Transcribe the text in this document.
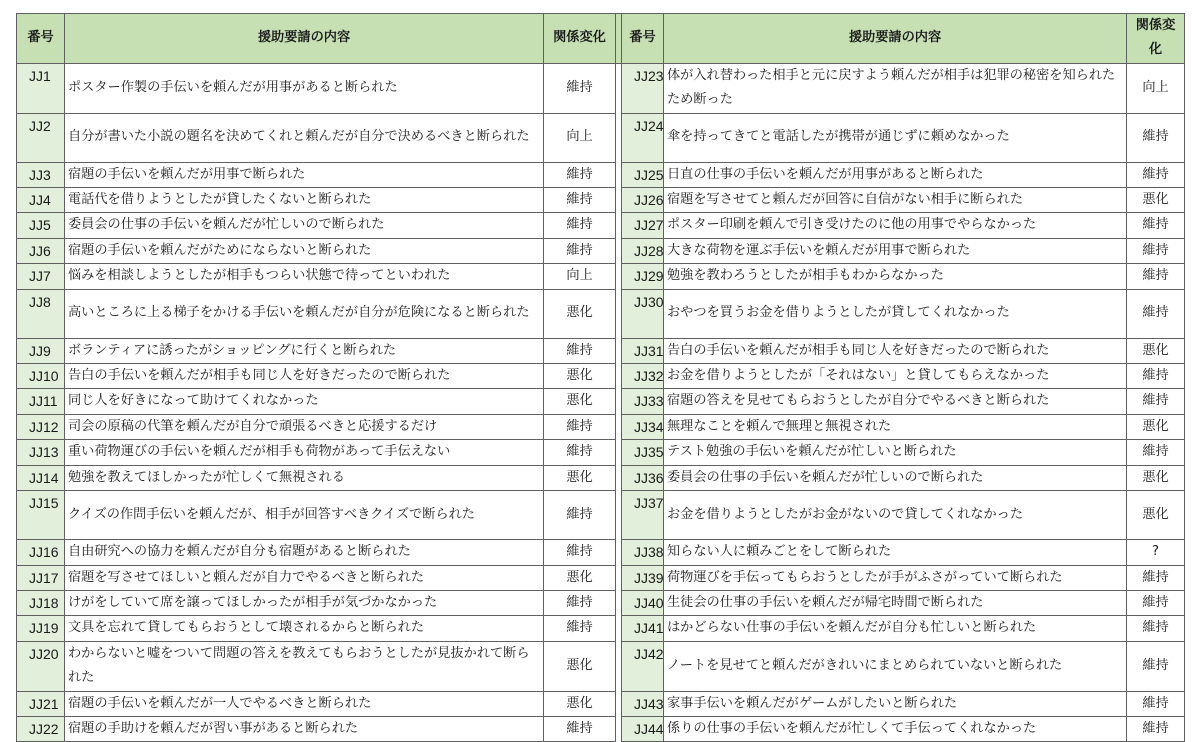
番号	援助要請の内容	関係変化		番号	援助要請の内容	関係変化
JJ1	ポスター作製の手伝いを頼んだが用事があると断られた	維持		JJ23	体が入れ替わった相手と元に戻すよう頼んだが相手は犯罪の秘密を知られたため断った	向上
JJ2	自分が書いた小説の題名を決めてくれと頼んだが自分で決めるべきと断られた	向上		JJ24	傘を持ってきてと電話したが携帯が通じずに頼めなかった	維持
JJ3	宿題の手伝いを頼んだが用事で断られた	維持		JJ25	日直の仕事の手伝いを頼んだが用事があると断られた	維持
JJ4	電話代を借りようとしたが貸したくないと断られた	維持		JJ26	宿題を写させてと頼んだが回答に自信がない相手に断られた	悪化
JJ5	委員会の仕事の手伝いを頼んだが忙しいので断られた	維持		JJ27	ポスター印刷を頼んで引き受けたのに他の用事でやらなかった	維持
JJ6	宿題の手伝いを頼んだがためにならないと断られた	維持		JJ28	大きな荷物を運ぶ手伝いを頼んだが用事で断られた	維持
JJ7	悩みを相談しようとしたが相手もつらい状態で待ってといわれた	向上		JJ29	勉強を教わろうとしたが相手もわからなかった	維持
JJ8	高いところに上る梯子をかける手伝いを頼んだが自分が危険になると断られた	悪化		JJ30	おやつを買うお金を借りようとしたが貸してくれなかった	維持
JJ9	ボランティアに誘ったがショッピングに行くと断られた	維持		JJ31	告白の手伝いを頼んだが相手も同じ人を好きだったので断られた	悪化
JJ10	告白の手伝いを頼んだが相手も同じ人を好きだったので断られた	悪化		JJ32	お金を借りようとしたが「それはない」と貸してもらえなかった	維持
JJ11	同じ人を好きになって助けてくれなかった	悪化		JJ33	宿題の答えを見せてもらおうとしたが自分でやるべきと断られた	維持
JJ12	司会の原稿の代筆を頼んだが自分で頑張るべきと応援するだけ	維持		JJ34	無理なことを頼んで無理と無視された	悪化
JJ13	重い荷物運びの手伝いを頼んだが相手も荷物があって手伝えない	維持		JJ35	テスト勉強の手伝いを頼んだが忙しいと断られた	維持
JJ14	勉強を教えてほしかったが忙しくて無視される	悪化		JJ36	委員会の仕事の手伝いを頼んだが忙しいので断られた	悪化
JJ15	クイズの作問手伝いを頼んだが、相手が回答すべきクイズで断られた	維持		JJ37	お金を借りようとしたがお金がないので貸してくれなかった	悪化
JJ16	自由研究への協力を頼んだが自分も宿題があると断られた	維持		JJ38	知らない人に頼みごとをして断られた	?
JJ17	宿題を写させてほしいと頼んだが自力でやるべきと断られた	悪化		JJ39	荷物運びを手伝ってもらおうとしたが手がふさがっていて断られた	維持
JJ18	けがをしていて席を譲ってほしかったが相手が気づかなかった	維持		JJ40	生徒会の仕事の手伝いを頼んだが帰宅時間で断られた	維持
JJ19	文具を忘れて貸してもらおうとして壊されるからと断られた	維持		JJ41	はかどらない仕事の手伝いを頼んだが自分も忙しいと断られた	維持
JJ20	わからないと嘘をついて問題の答えを教えてもらおうとしたが見抜かれて断られた	悪化		JJ42	ノートを見せてと頼んだがきれいにまとめられていないと断られた	維持
JJ21	宿題の手伝いを頼んだが一人でやるべきと断られた	悪化		JJ43	家事手伝いを頼んだがゲームがしたいと断られた	維持
JJ22	宿題の手助けを頼んだが習い事があると断られた	維持		JJ44	係りの仕事の手伝いを頼んだが忙しくて手伝ってくれなかった	維持
